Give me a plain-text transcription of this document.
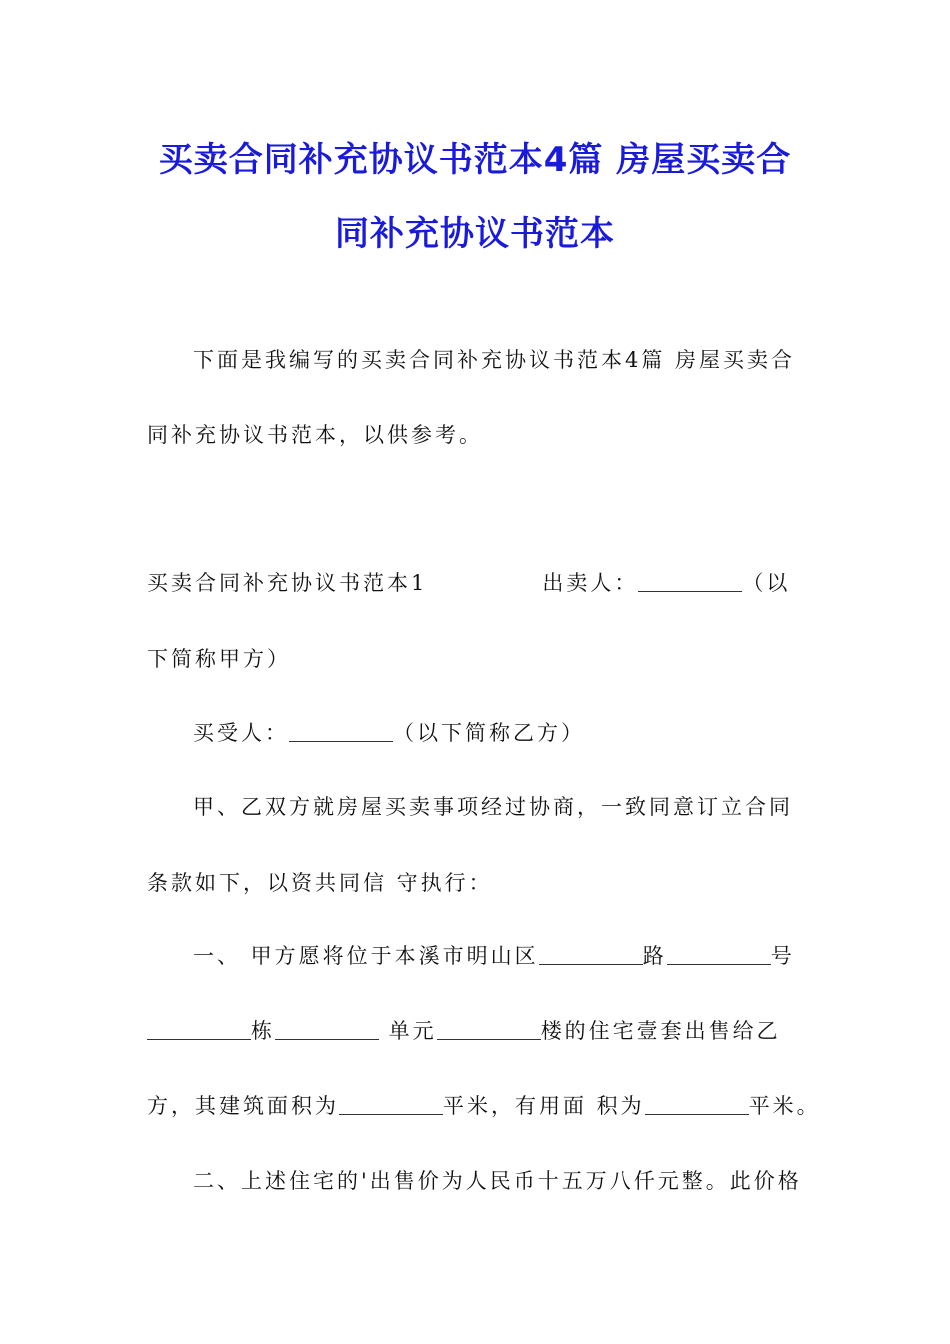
买卖合同补充协议书范本4篇 房屋买卖合
同补充协议书范本
下面是我编写的买卖合同补充协议书范本4篇 房屋买卖合
同补充协议书范本，以供参考。
买卖合同补充协议书范本1	出卖人：	（以
下简称甲方）
买受人：	（以下简称乙方）
甲、乙双方就房屋买卖事项经过协商，一致同意订立合同
条款如下，以资共同信 守执行：
一、 甲方愿将位于本溪市明山区	路	号
栋	单元	楼的住宅壹套出售给乙
方，其建筑面积为	平米，有用面 积为	平米。
二、上述住宅的'出售价为人民币十五万八仟元整。此价格
